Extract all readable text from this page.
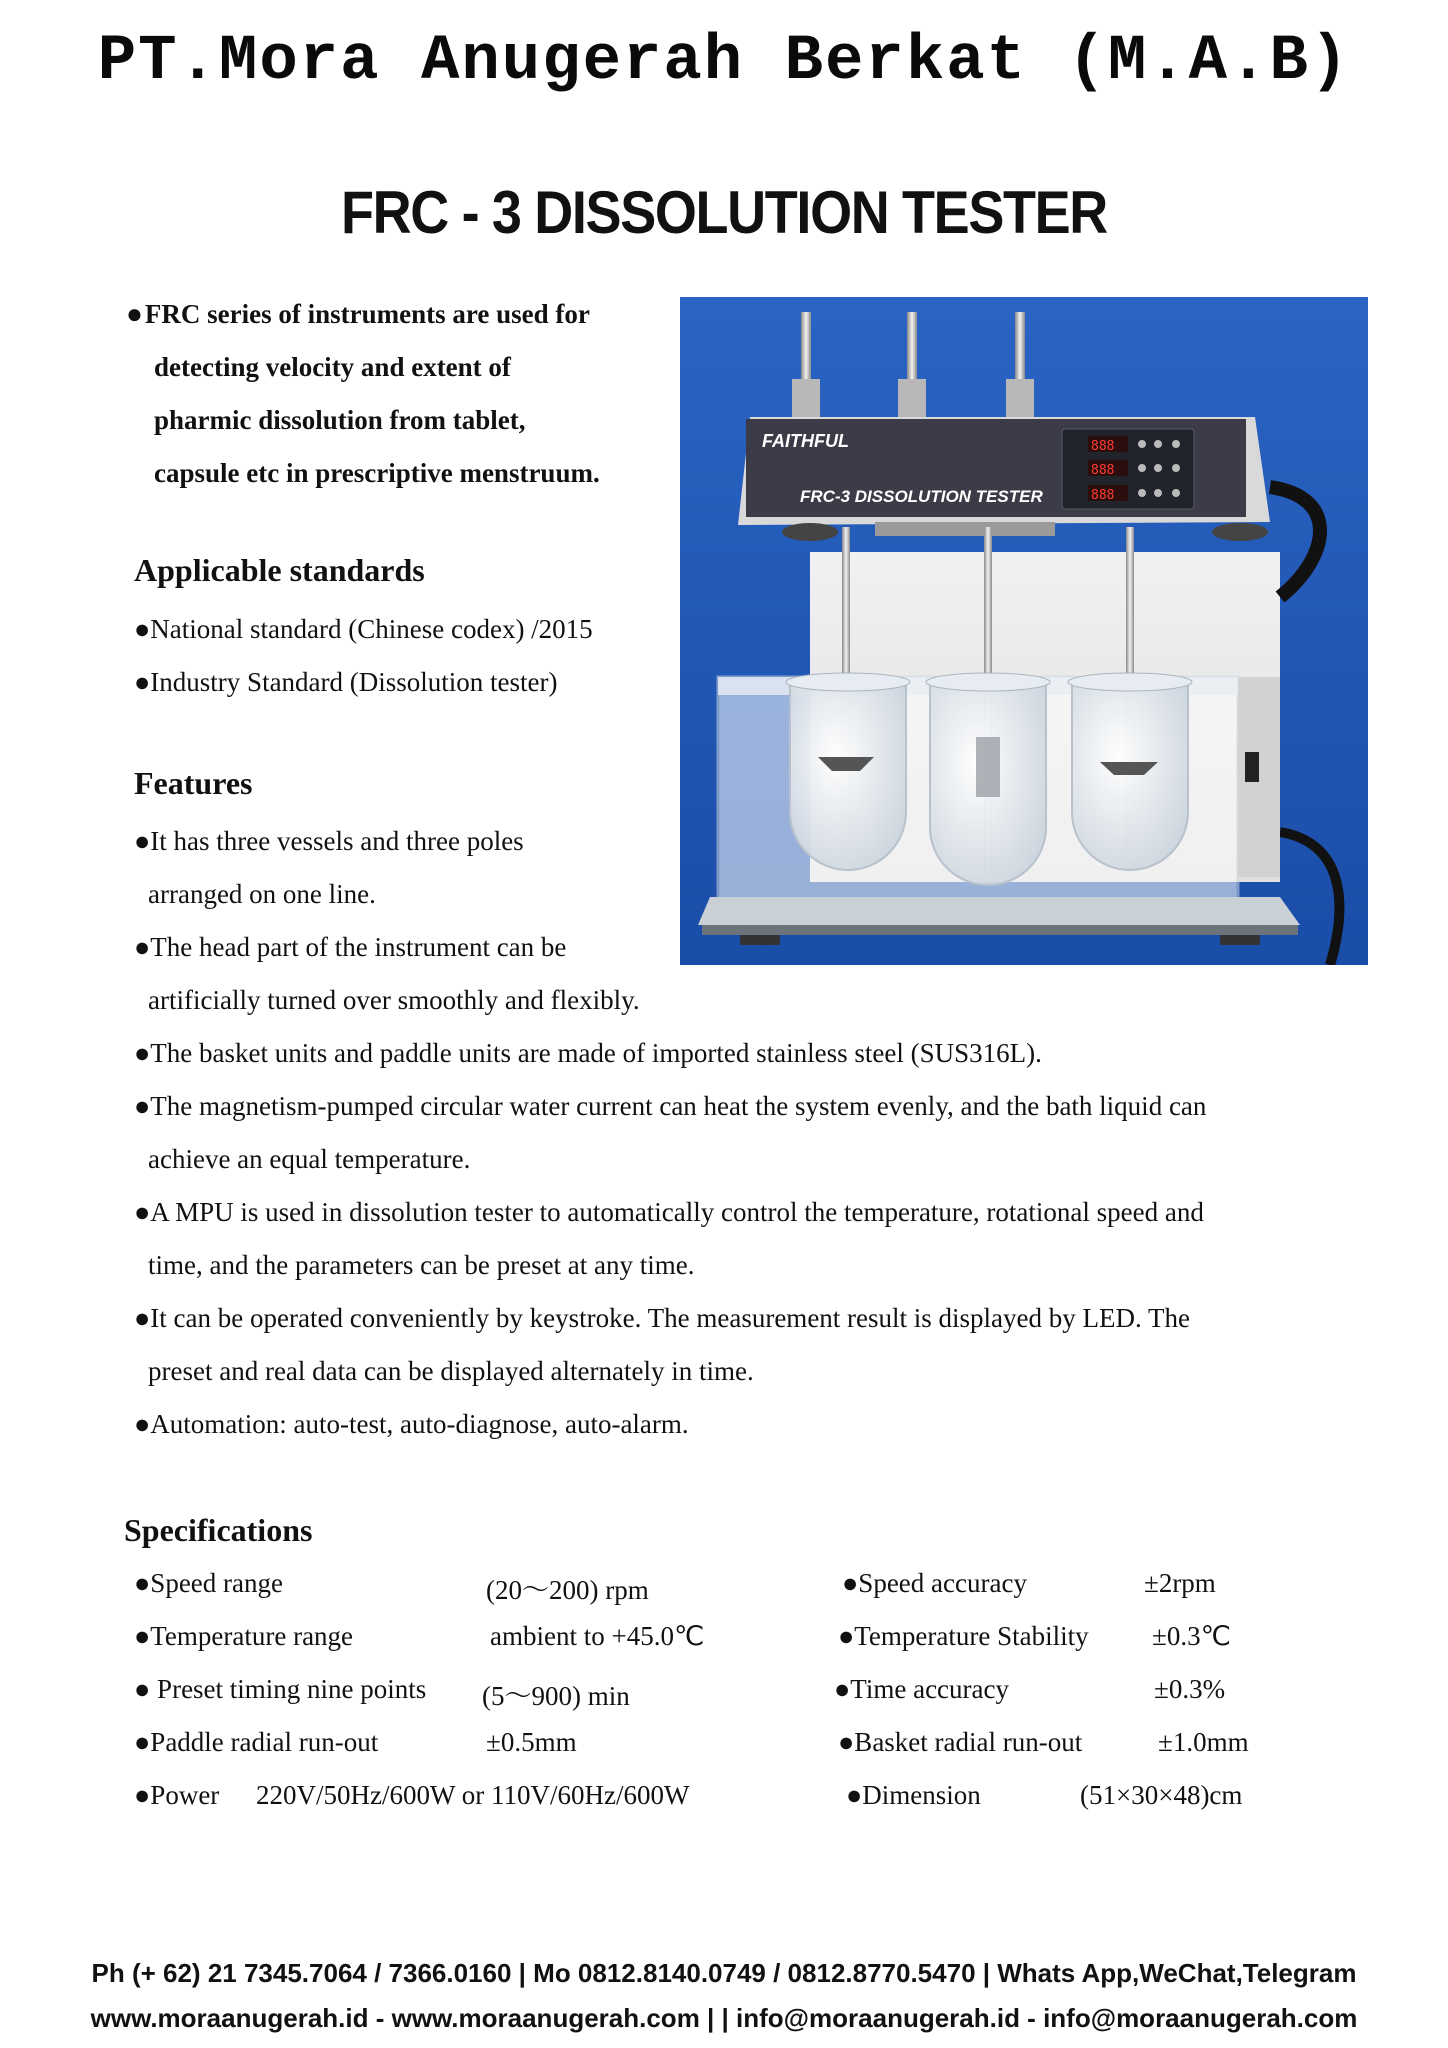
PT.Mora Anugerah Berkat (M.A.B)
FRC - 3 DISSOLUTION TESTER
●FRC series of instruments are used for
detecting velocity and extent of
pharmic dissolution from tablet,
capsule etc in prescriptive menstruum.
FAITHFUL
FRC-3 DISSOLUTION TESTER
888
888
888
Applicable standards
●National standard (Chinese codex) /2015
●Industry Standard (Dissolution tester)
Features
●It has three vessels and three poles
arranged on one line.
●The head part of the instrument can be
artificially turned over smoothly and flexibly.
●The basket units and paddle units are made of imported stainless steel (SUS316L).
●The magnetism-pumped circular water current can heat the system evenly, and the bath liquid can
achieve an equal temperature.
●A MPU is used in dissolution tester to automatically control the temperature, rotational speed and
time, and the parameters can be preset at any time.
●It can be operated conveniently by keystroke. The measurement result is displayed by LED. The
preset and real data can be displayed alternately in time.
●Automation: auto-test, auto-diagnose, auto-alarm.
Specifications
●Speed range	(20～200) rpm	●Speed accuracy	±2rpm
●Temperature range	ambient to +45.0℃	●Temperature Stability ±0.3℃
● Preset timing nine points (5～900) min	●Time accuracy	±0.3%
●Paddle radial run-out	±0.5mm	●Basket radial run-out	±1.0mm
●Power 220V/50Hz/600W or 110V/60Hz/600W	●Dimension	(51×30×48)cm
Ph (+ 62) 21 7345.7064 / 7366.0160 | Mo 0812.8140.0749 / 0812.8770.5470 | Whats App,WeChat,Telegram
www.moraanugerah.id - www.moraanugerah.com | | info@moraanugerah.id - info@moraanugerah.com
